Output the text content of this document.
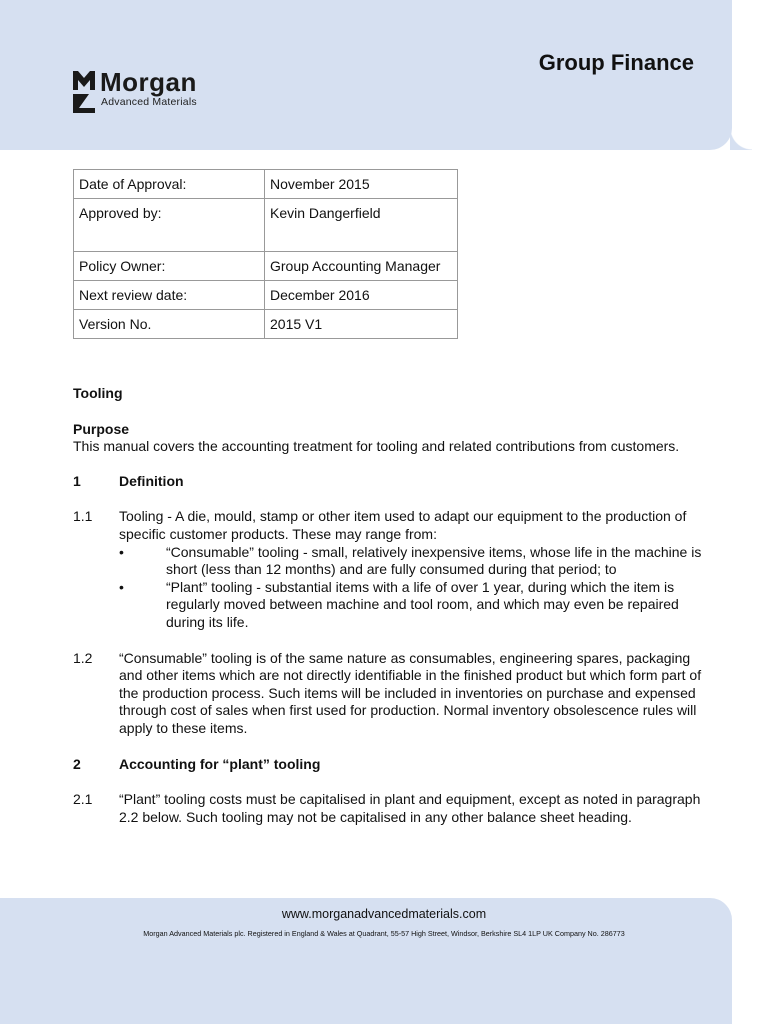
Group Finance
Morgan
Advanced Materials
Date of Approval:	November 2015
Approved by:	Kevin Dangerfield
Policy Owner:	Group Accounting Manager
Next review date:	December 2016
Version No.	2015 V1

Tooling

Purpose

This manual covers the accounting treatment for tooling and related contributions from customers.

1	Definition
1.1	Tooling - A die, mould, stamp or other item used to adapt our equipment to the production of specific customer products. These may range from:

•	“Consumable” tooling - small, relatively inexpensive items, whose life in the machine is short (less than 12 months) and are fully consumed during that period; to
•	“Plant” tooling - substantial items with a life of over 1 year, during which the item is regularly moved between machine and tool room, and which may even be repaired during its life.
1.2	“Consumable” tooling is of the same nature as consumables, engineering spares, packaging and other items which are not directly identifiable in the finished product but which form part of the production process. Such items will be included in inventories on purchase and expensed through cost of sales when first used for production. Normal inventory obsolescence rules will apply to these items.

2	Accounting for “plant” tooling
2.1	“Plant” tooling costs must be capitalised in plant and equipment, except as noted in paragraph 2.2 below. Such tooling may not be capitalised in any other balance sheet heading.

www.morganadvancedmaterials.com
Morgan Advanced Materials plc. Registered in England & Wales at Quadrant, 55-57 High Street, Windsor, Berkshire SL4 1LP UK Company No. 286773
